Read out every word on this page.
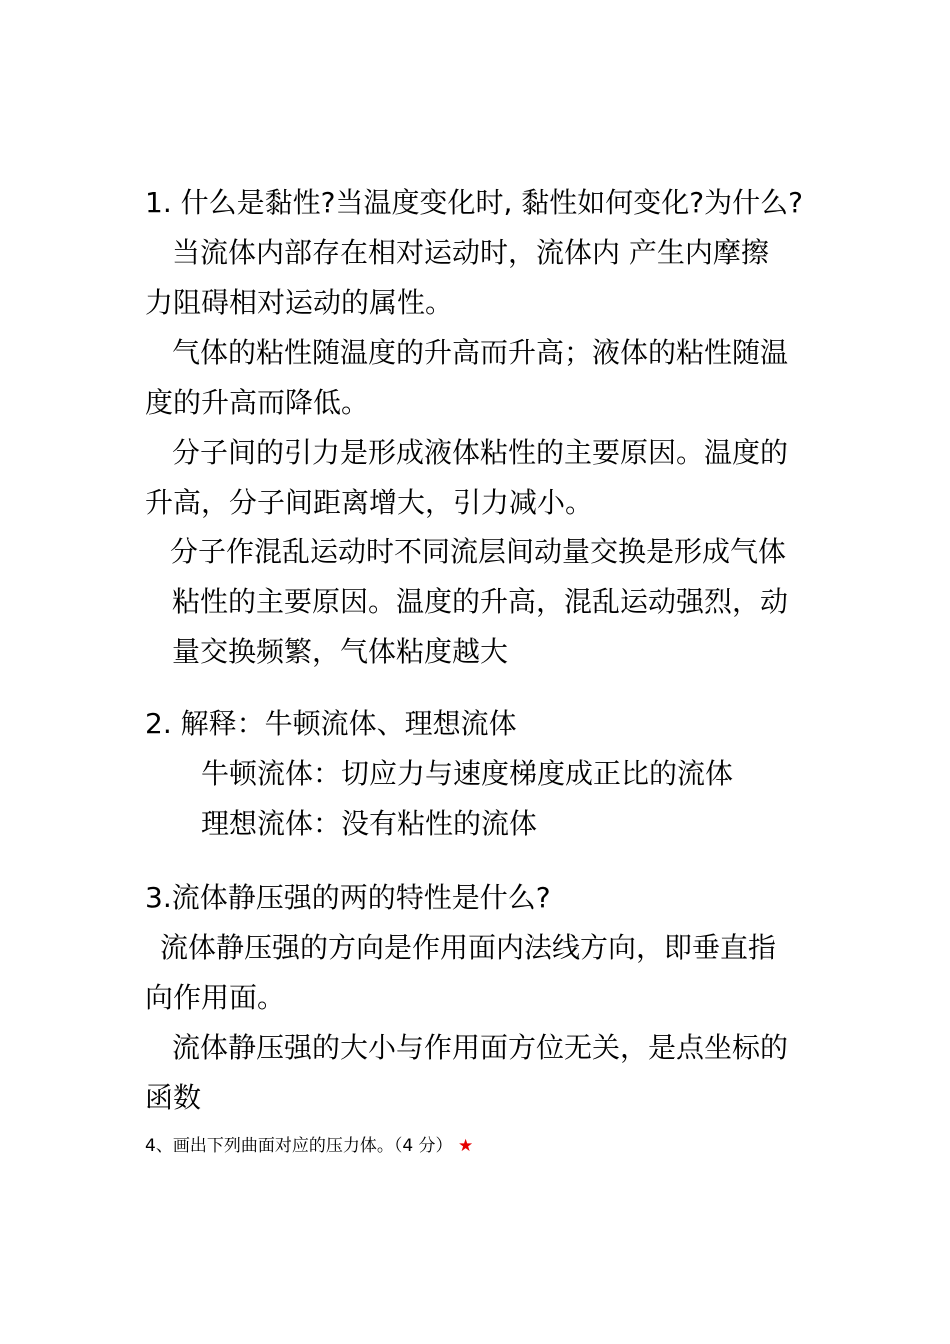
1. 什么是黏性?当温度变化时, 黏性如何变化?为什么?
当流体内部存在相对运动时，流体内 产生内摩擦
力阻碍相对运动的属性。
气体的粘性随温度的升高而升高；液体的粘性随温
度的升高而降低。
分子间的引力是形成液体粘性的主要原因。温度的
升高，分子间距离增大，引力减小。
分子作混乱运动时不同流层间动量交换是形成气体
粘性的主要原因。温度的升高，混乱运动强烈，动
量交换频繁，气体粘度越大
2. 解释：牛顿流体、理想流体
牛顿流体：切应力与速度梯度成正比的流体
理想流体：没有粘性的流体
3.流体静压强的两的特性是什么?
流体静压强的方向是作用面内法线方向，即垂直指
向作用面。
流体静压强的大小与作用面方位无关，是点坐标的
函数
4、画出下列曲面对应的压力体。（4 分） ★
